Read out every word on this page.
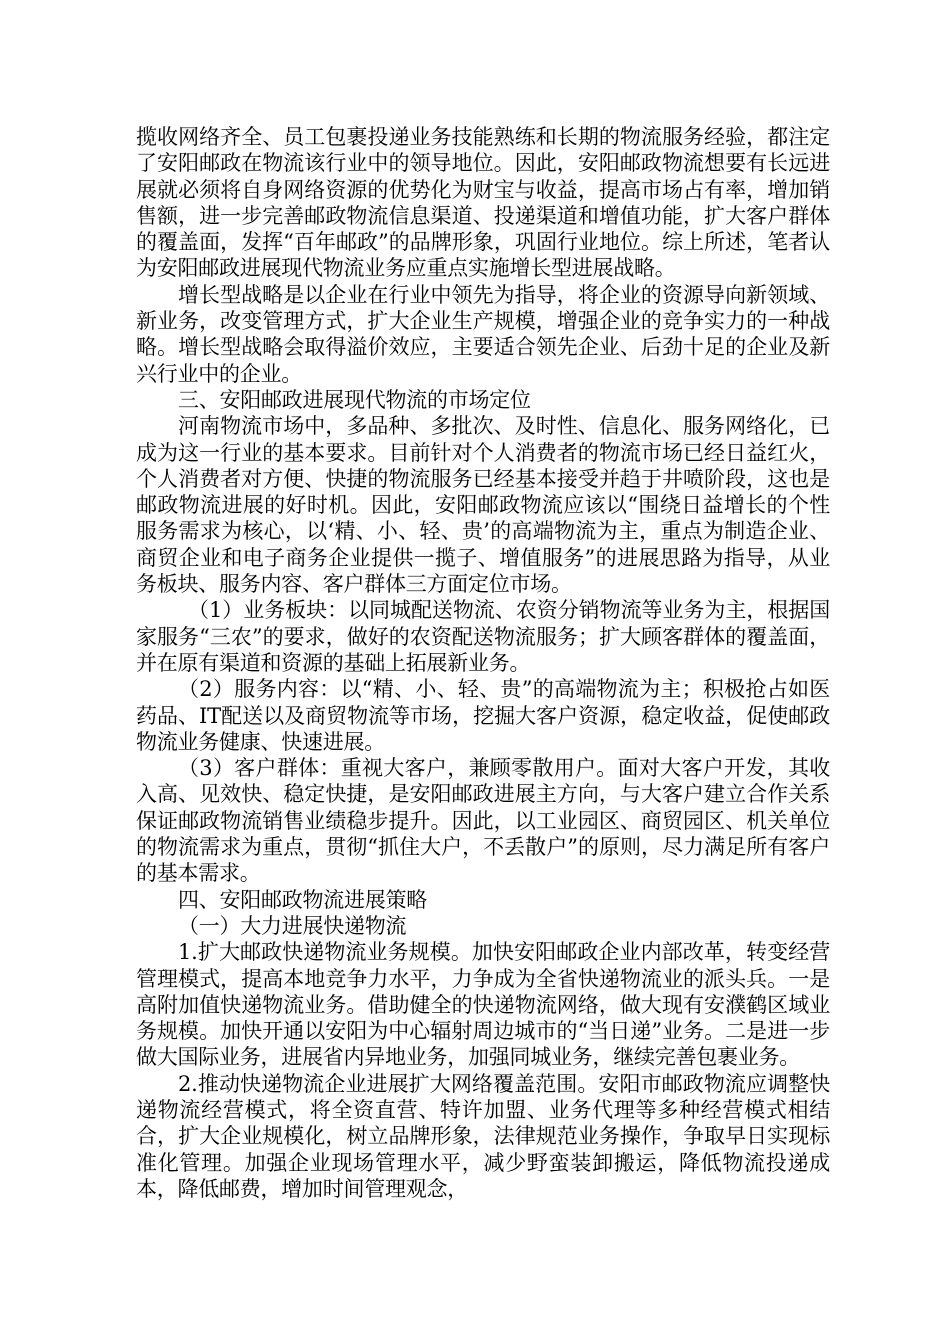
揽收网络齐全、员工包裹投递业务技能熟练和长期的物流服务经验，都注定了安阳邮政在物流该行业中的领导地位。因此，安阳邮政物流想要有长远进展就必须将自身网络资源的优势化为财宝与收益，提高市场占有率，增加销售额，进一步完善邮政物流信息渠道、投递渠道和增值功能，扩大客户群体的覆盖面，发挥“百年邮政”的品牌形象，巩固行业地位。综上所述，笔者认为安阳邮政进展现代物流业务应重点实施增长型进展战略。

增长型战略是以企业在行业中领先为指导，将企业的资源导向新领域、新业务，改变管理方式，扩大企业生产规模，增强企业的竞争实力的一种战略。增长型战略会取得溢价效应，主要适合领先企业、后劲十足的企业及新兴行业中的企业。

三、安阳邮政进展现代物流的市场定位

河南物流市场中，多品种、多批次、及时性、信息化、服务网络化，已成为这一行业的基本要求。目前针对个人消费者的物流市场已经日益红火，个人消费者对方便、快捷的物流服务已经基本接受并趋于井喷阶段，这也是邮政物流进展的好时机。因此，安阳邮政物流应该以“围绕日益增长的个性服务需求为核心，以‘精、小、轻、贵’的高端物流为主，重点为制造企业、商贸企业和电子商务企业提供一揽子、增值服务”的进展思路为指导，从业务板块、服务内容、客户群体三方面定位市场。

（1）业务板块：以同城配送物流、农资分销物流等业务为主，根据国家服务“三农”的要求，做好的农资配送物流服务；扩大顾客群体的覆盖面，并在原有渠道和资源的基础上拓展新业务。

（2）服务内容：以“精、小、轻、贵”的高端物流为主；积极抢占如医药品、IT配送以及商贸物流等市场，挖掘大客户资源，稳定收益，促使邮政物流业务健康、快速进展。

（3）客户群体：重视大客户，兼顾零散用户。面对大客户开发，其收入高、见效快、稳定快捷，是安阳邮政进展主方向，与大客户建立合作关系保证邮政物流销售业绩稳步提升。因此，以工业园区、商贸园区、机关单位的物流需求为重点，贯彻“抓住大户，不丢散户”的原则，尽力满足所有客户的基本需求。

四、安阳邮政物流进展策略

（一）大力进展快递物流

1.扩大邮政快递物流业务规模。加快安阳邮政企业内部改革，转变经营管理模式，提高本地竞争力水平，力争成为全省快递物流业的派头兵。一是高附加值快递物流业务。借助健全的快递物流网络，做大现有安濮鹤区域业务规模。加快开通以安阳为中心辐射周边城市的“当日递”业务。二是进一步做大国际业务，进展省内异地业务，加强同城业务，继续完善包裹业务。

2.推动快递物流企业进展扩大网络覆盖范围。安阳市邮政物流应调整快递物流经营模式，将全资直营、特许加盟、业务代理等多种经营模式相结合，扩大企业规模化，树立品牌形象，法律规范业务操作，争取早日实现标准化管理。加强企业现场管理水平，减少野蛮装卸搬运，降低物流投递成本，降低邮费，增加时间管理观念，
